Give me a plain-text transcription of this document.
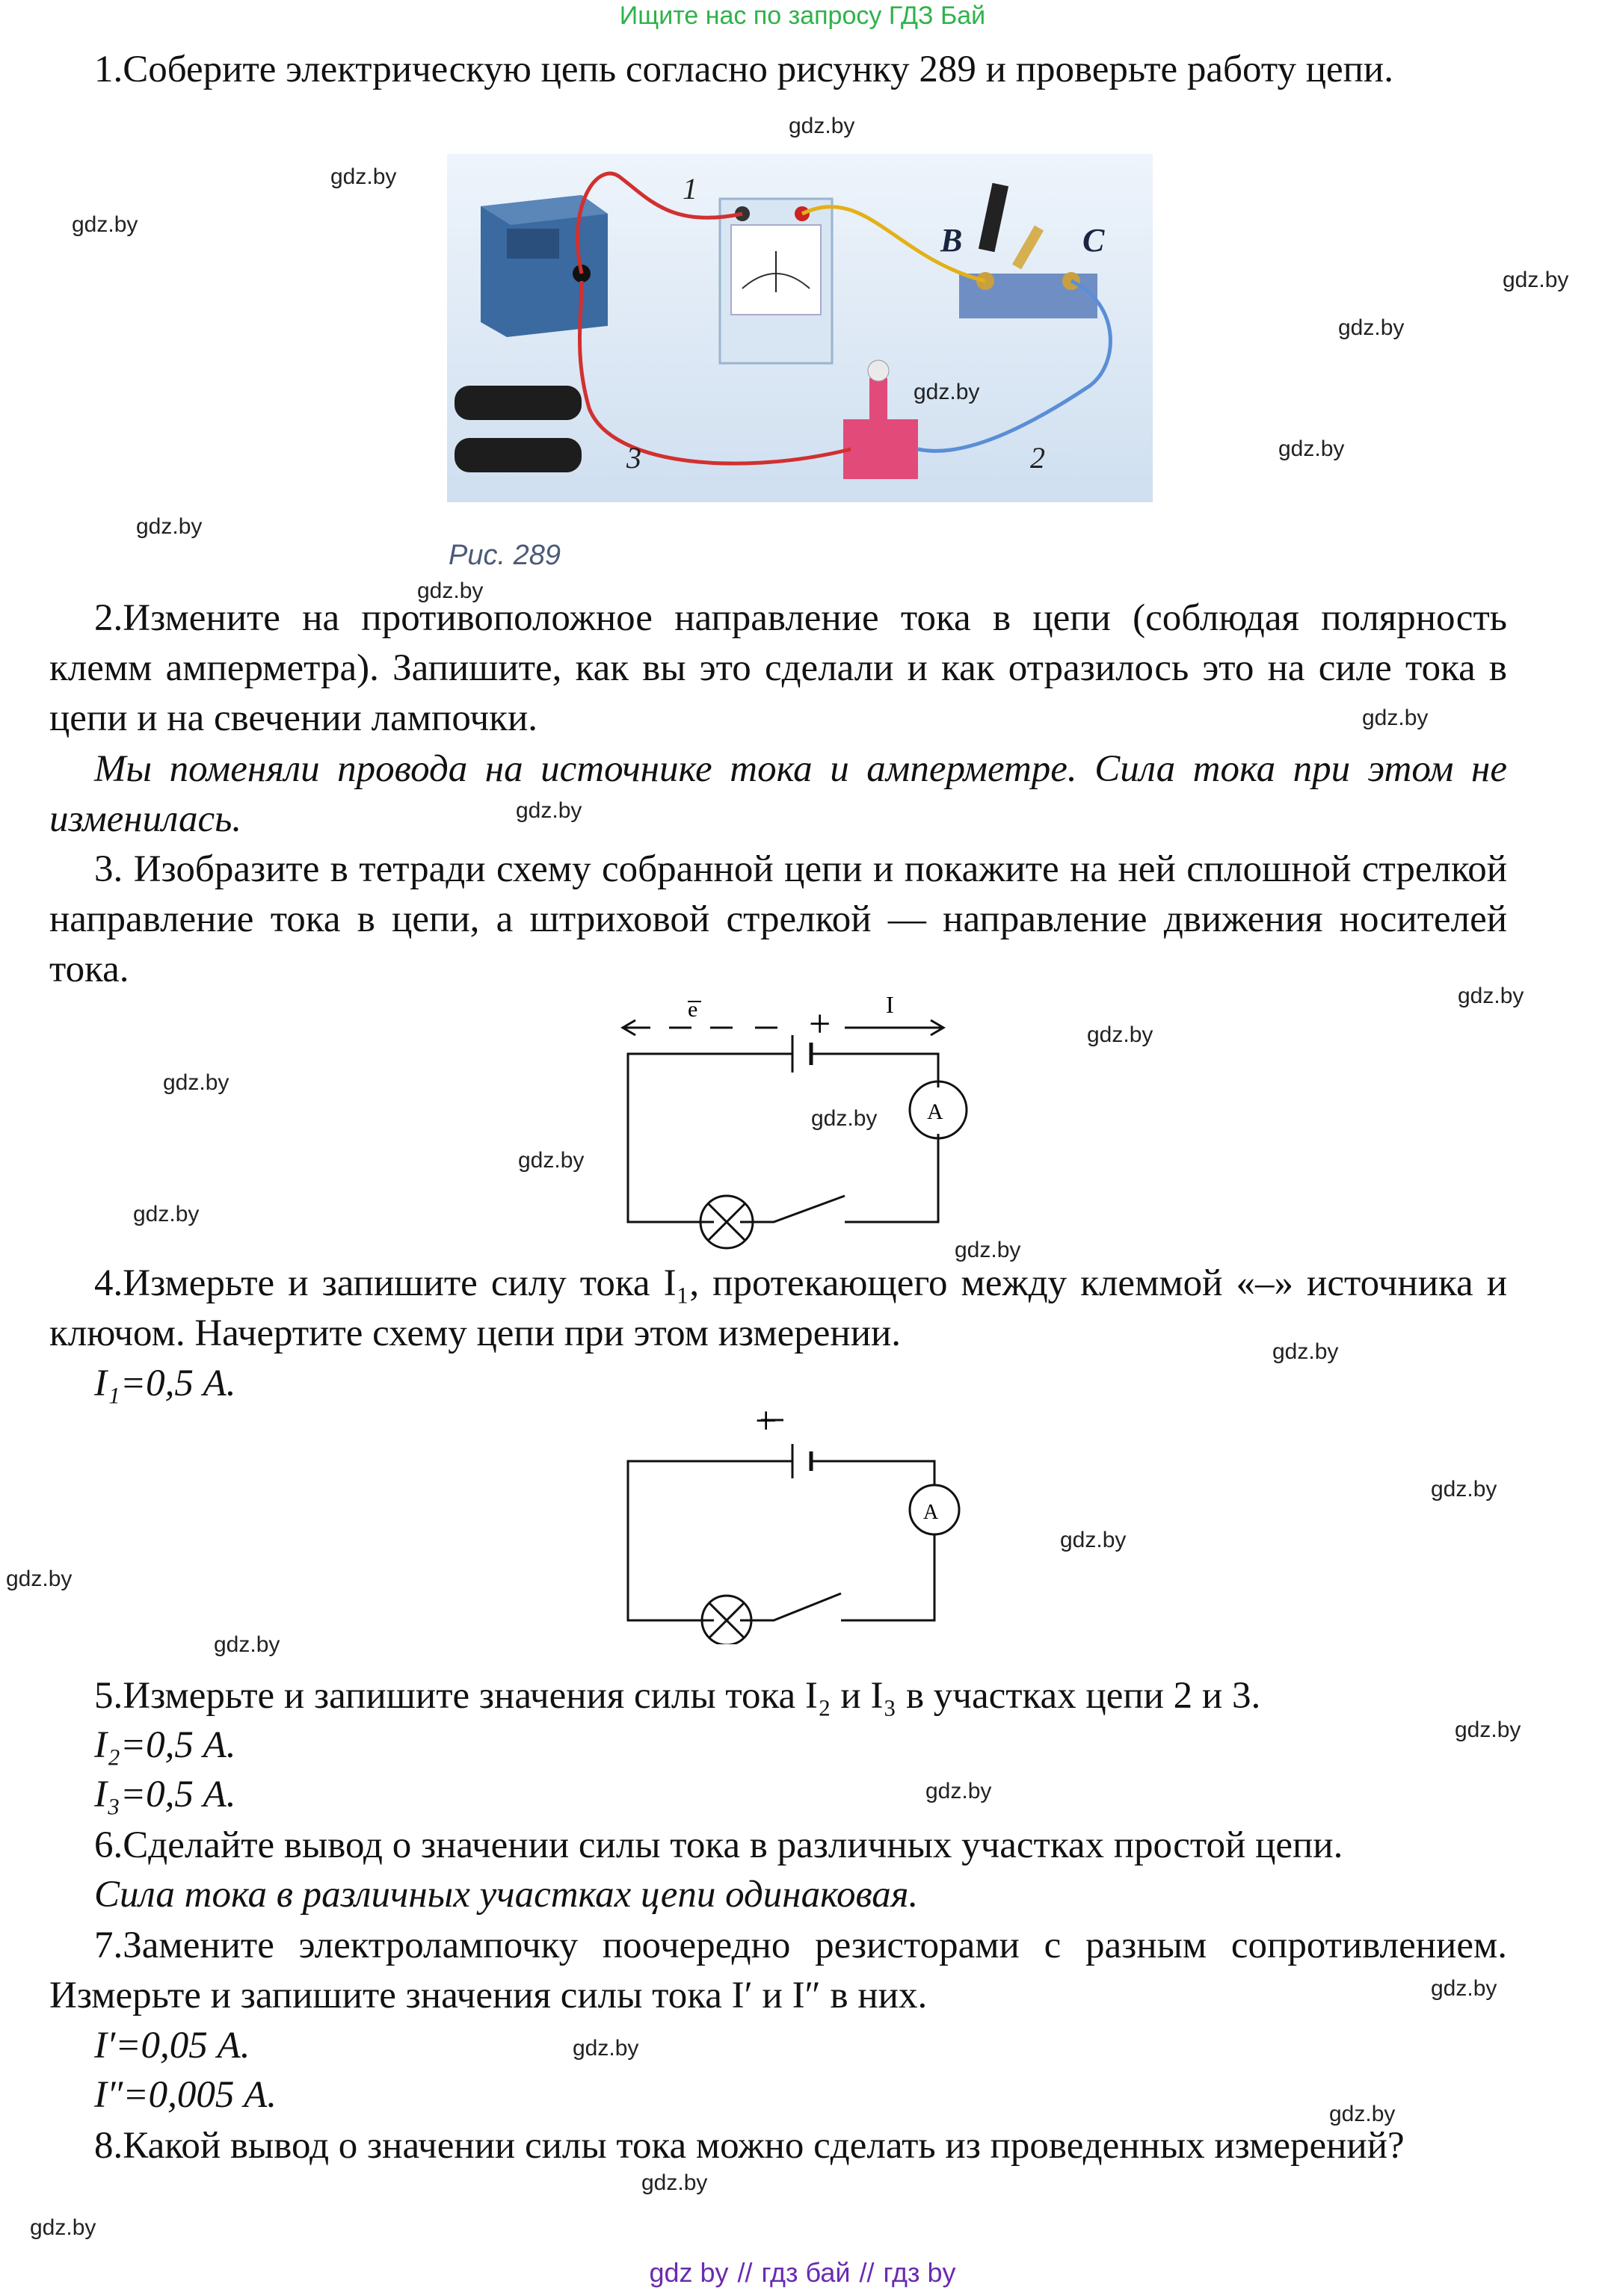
Ищите нас по запросу ГДЗ Бай
1.Соберите электрическую цепь согласно рисунку 289 и проверьте работу цепи.
1
2
3
B	C
Рис. 289
2.Измените на противоположное направление тока в цепи (соблюдая полярность клемм амперметра). Запишите, как вы это сделали и как отразилось это на силе тока в цепи и на свечении лампочки.
Мы поменяли провода на источнике тока и амперметре. Сила тока при этом не изменилась.
3. Изобразите в тетради схему собранной цепи и покажите на ней сплошной стрелкой направление тока в цепи, а штриховой стрелкой — направление движения носителей тока.
e	I
+
A
4.Измерьте и запишите силу тока I₁, протекающего между клеммой «–» источника и ключом. Начертите схему цепи при этом измерении.
I₁=0,5 А.
+
A
5.Измерьте и запишите значения силы тока I₂ и I₃ в участках цепи 2 и 3.
I₂=0,5 А.
I₃=0,5 А.
6.Сделайте вывод о значении силы тока в различных участках простой цепи.
Сила тока в различных участках цепи одинаковая.
7.Замените электролампочку поочередно резисторами с разным сопротивлением. Измерьте и запишите значения силы тока I′ и I″ в них.
I′=0,05 А.
I″=0,005 А.
8.Какой вывод о значении силы тока можно сделать из проведенных измерений?
gdz.by
gdz.by
gdz.by
gdz.by
gdz.by
gdz.by
gdz.by
gdz.by
gdz.by
gdz.by
gdz.by
gdz.by
gdz.by
gdz.by
gdz.by
gdz.by
gdz.by
gdz.by
gdz.by
gdz.by
gdz.by
gdz.by
gdz.by
gdz.by
gdz.by
gdz.by
gdz.by
gdz.by
gdz.by
gdz.by
gdz by // гдз бай // гдз by
